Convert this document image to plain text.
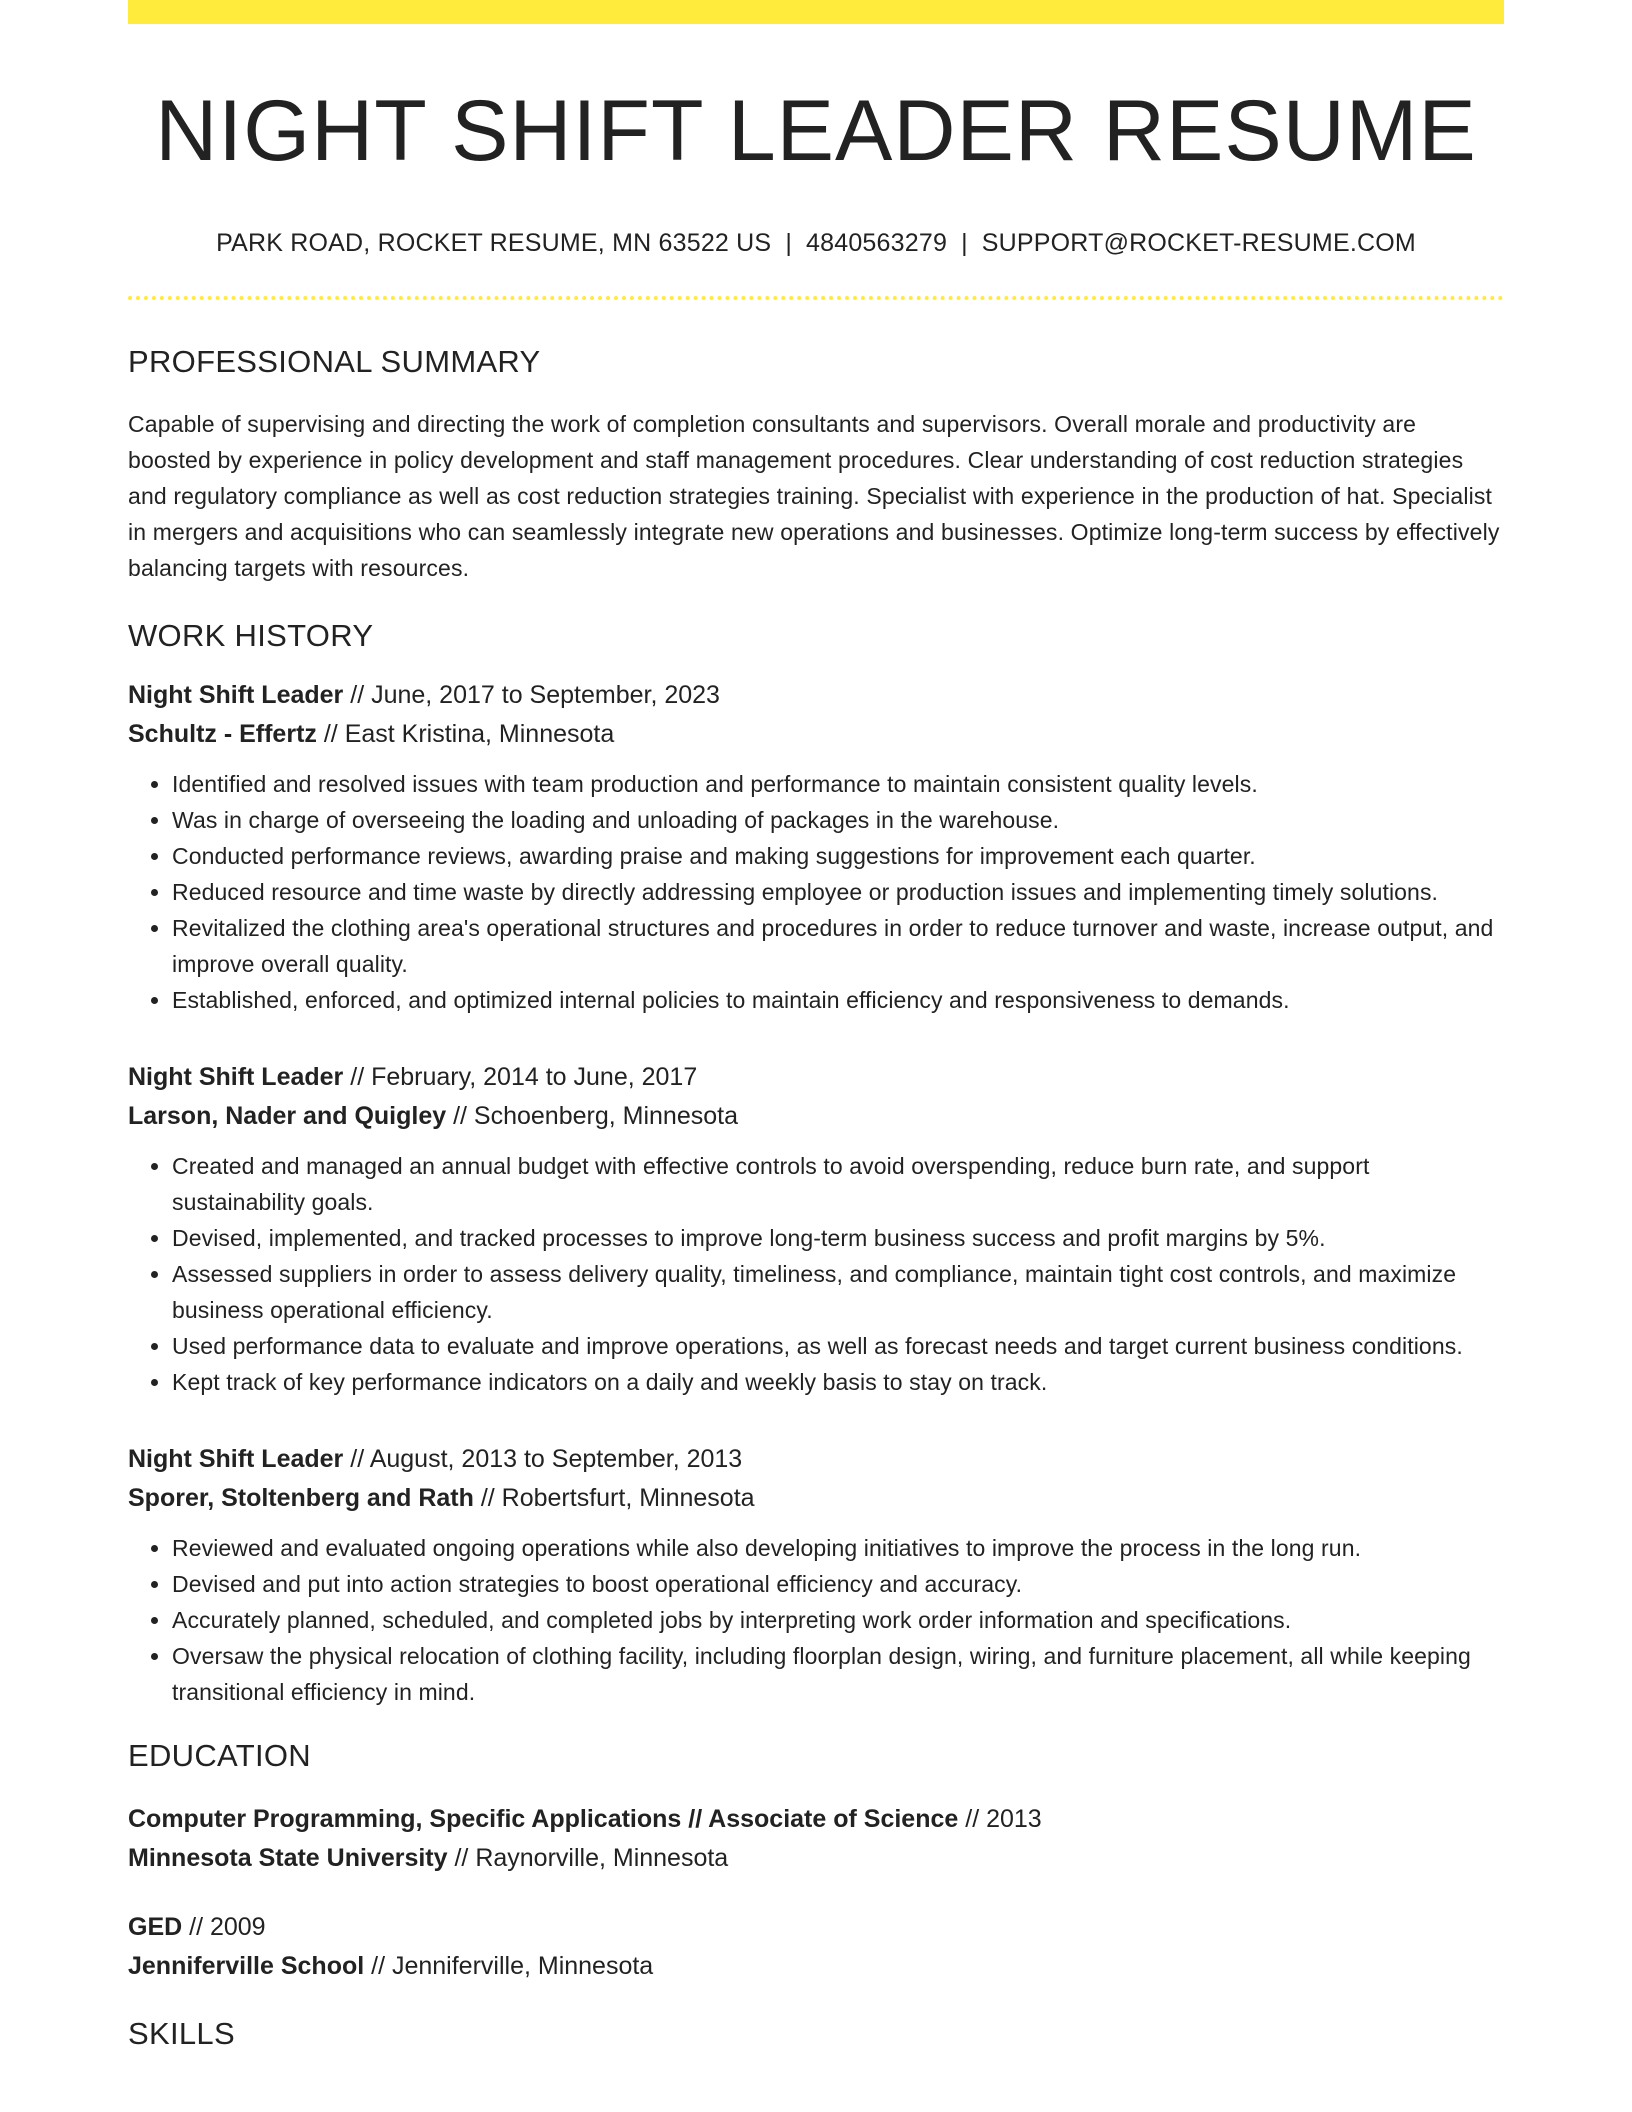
NIGHT SHIFT LEADER RESUME
PARK ROAD, ROCKET RESUME, MN 63522 US | 4840563279 | SUPPORT@ROCKET-RESUME.COM
PROFESSIONAL SUMMARY

Capable of supervising and directing the work of completion consultants and supervisors. Overall morale and productivity are boosted by experience in policy development and staff management procedures. Clear understanding of cost reduction strategies and regulatory compliance as well as cost reduction strategies training. Specialist with experience in the production of hat. Specialist in mergers and acquisitions who can seamlessly integrate new operations and businesses. Optimize long-term success by effectively balancing targets with resources.

WORK HISTORY
Night Shift Leader // June, 2017 to September, 2023
Schultz - Effertz // East Kristina, Minnesota
• Identified and resolved issues with team production and performance to maintain consistent quality levels.
• Was in charge of overseeing the loading and unloading of packages in the warehouse.
• Conducted performance reviews, awarding praise and making suggestions for improvement each quarter.
• Reduced resource and time waste by directly addressing employee or production issues and implementing timely solutions.
• Revitalized the clothing area's operational structures and procedures in order to reduce turnover and waste, increase output, and improve overall quality.
• Established, enforced, and optimized internal policies to maintain efficiency and responsiveness to demands.
Night Shift Leader // February, 2014 to June, 2017
Larson, Nader and Quigley // Schoenberg, Minnesota
• Created and managed an annual budget with effective controls to avoid overspending, reduce burn rate, and support sustainability goals.
• Devised, implemented, and tracked processes to improve long-term business success and profit margins by 5%.
• Assessed suppliers in order to assess delivery quality, timeliness, and compliance, maintain tight cost controls, and maximize business operational efficiency.
• Used performance data to evaluate and improve operations, as well as forecast needs and target current business conditions.
• Kept track of key performance indicators on a daily and weekly basis to stay on track.
Night Shift Leader // August, 2013 to September, 2013
Sporer, Stoltenberg and Rath // Robertsfurt, Minnesota
• Reviewed and evaluated ongoing operations while also developing initiatives to improve the process in the long run.
• Devised and put into action strategies to boost operational efficiency and accuracy.
• Accurately planned, scheduled, and completed jobs by interpreting work order information and specifications.
• Oversaw the physical relocation of clothing facility, including floorplan design, wiring, and furniture placement, all while keeping transitional efficiency in mind.
EDUCATION
Computer Programming, Specific Applications // Associate of Science // 2013
Minnesota State University // Raynorville, Minnesota
GED // 2009
Jenniferville School // Jenniferville, Minnesota
SKILLS
